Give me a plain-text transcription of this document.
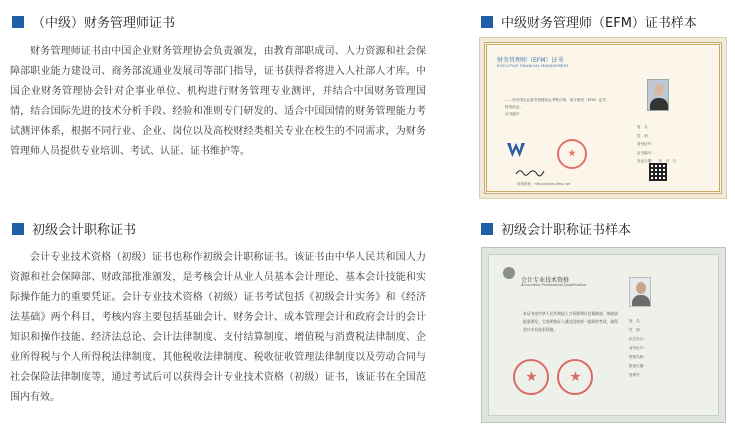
（中级）财务管理师证书

财务管理师证书由中国企业财务管理协会负责颁发，由教育部职成司、人力资源和社会保障部职业能力建设司、商务部流通业发展司等部门指导，证书获得者将进入人社部人才库。中国企业财务管理协会针对企事业单位、机构进行财务管理专业测评，并结合中国财务管理国情，结合国际先进的技术分析手段、经验和准则专门研发的、适合中国国情的财务管理能力考试测评体系，根据不同行业、企业、岗位以及高校财经类相关专业在校生的不同需求，为财务管理师人员提供专业培训、考试、认证、证书维护等。

初级会计职称证书

会计专业技术资格（初级）证书也称作初级会计职称证书。该证书由中华人民共和国人力资源和社会保障部、财政部批准颁发，是考核会计从业人员基本会计理论、基本会计技能和实际操作能力的重要凭证。会计专业技术资格（初级）证书考试包括《初级会计实务》和《经济法基础》两个科目，考核内容主要包括基础会计、财务会计、成本管理会计和政府会计的会计知识和操作技能、经济法总论、会计法律制度、支付结算制度、增值税与消费税法律制度、企业所得税与个人所得税法律制度、其他税收法律制度、税收征收管理法律制度以及劳动合同与社会保险法律制度等，通过考试后可以获得会计专业技术资格（初级）证书，该证书在全国范围内有效。

中级财务管理师（EFM）证书样本
财务管理师（EFM）证书
EXECUTIVE FINANCIAL MANAGEMENT
……经中国企业财务管理协会考核合格，准予颁发（EFM）证书，特发此证。
证书编号：
姓　名：
性　别：
身份证号：
证书编号：
发证日期：　年　月　日
查询网址：http://www.cfma.net
初级会计职称证书样本
会计专业技术资格
Accounting Professional Qualification
本证书由中华人民共和国人力资源和社会保障部、财政部批准颁发。它表明持证人通过国家统一组织的考试，取得会计专业技术资格。
姓　名：
性　别：
出生年月：
身份证号：
资格名称：
批准日期：
管理号：
